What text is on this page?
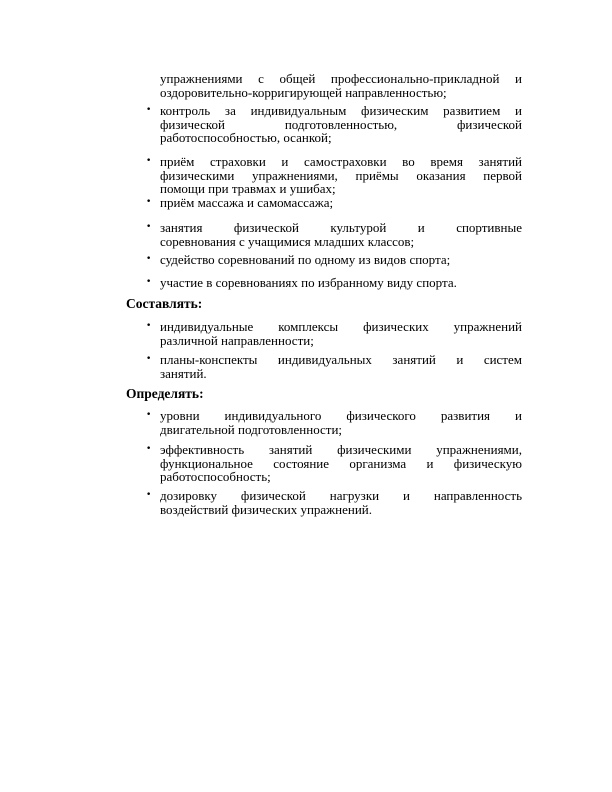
упражнениями с общей профессионально-прикладной и
оздоровительно-корригирующей направленностью;
• контроль за индивидуальным физическим развитием и
физической подготовленностью, физической
работоспособностью, осанкой;
• приём страховки и самостраховки во время занятий
физическими упражнениями, приёмы оказания первой
помощи при травмах и ушибах;
• приём массажа и самомассажа;
• занятия физической культурой и спортивные
соревнования с учащимися младших классов;
• судейство соревнований по одному из видов спорта;
• участие в соревнованиях по избранному виду спорта.
Составлять:
• индивидуальные комплексы физических упражнений
различной направленности;
• планы-конспекты индивидуальных занятий и систем
занятий.
Определять:
• уровни индивидуального физического развития и
двигательной подготовленности;
• эффективность занятий физическими упражнениями,
функциональное состояние организма и физическую
работоспособность;
• дозировку физической нагрузки и направленность
воздействий физических упражнений.
